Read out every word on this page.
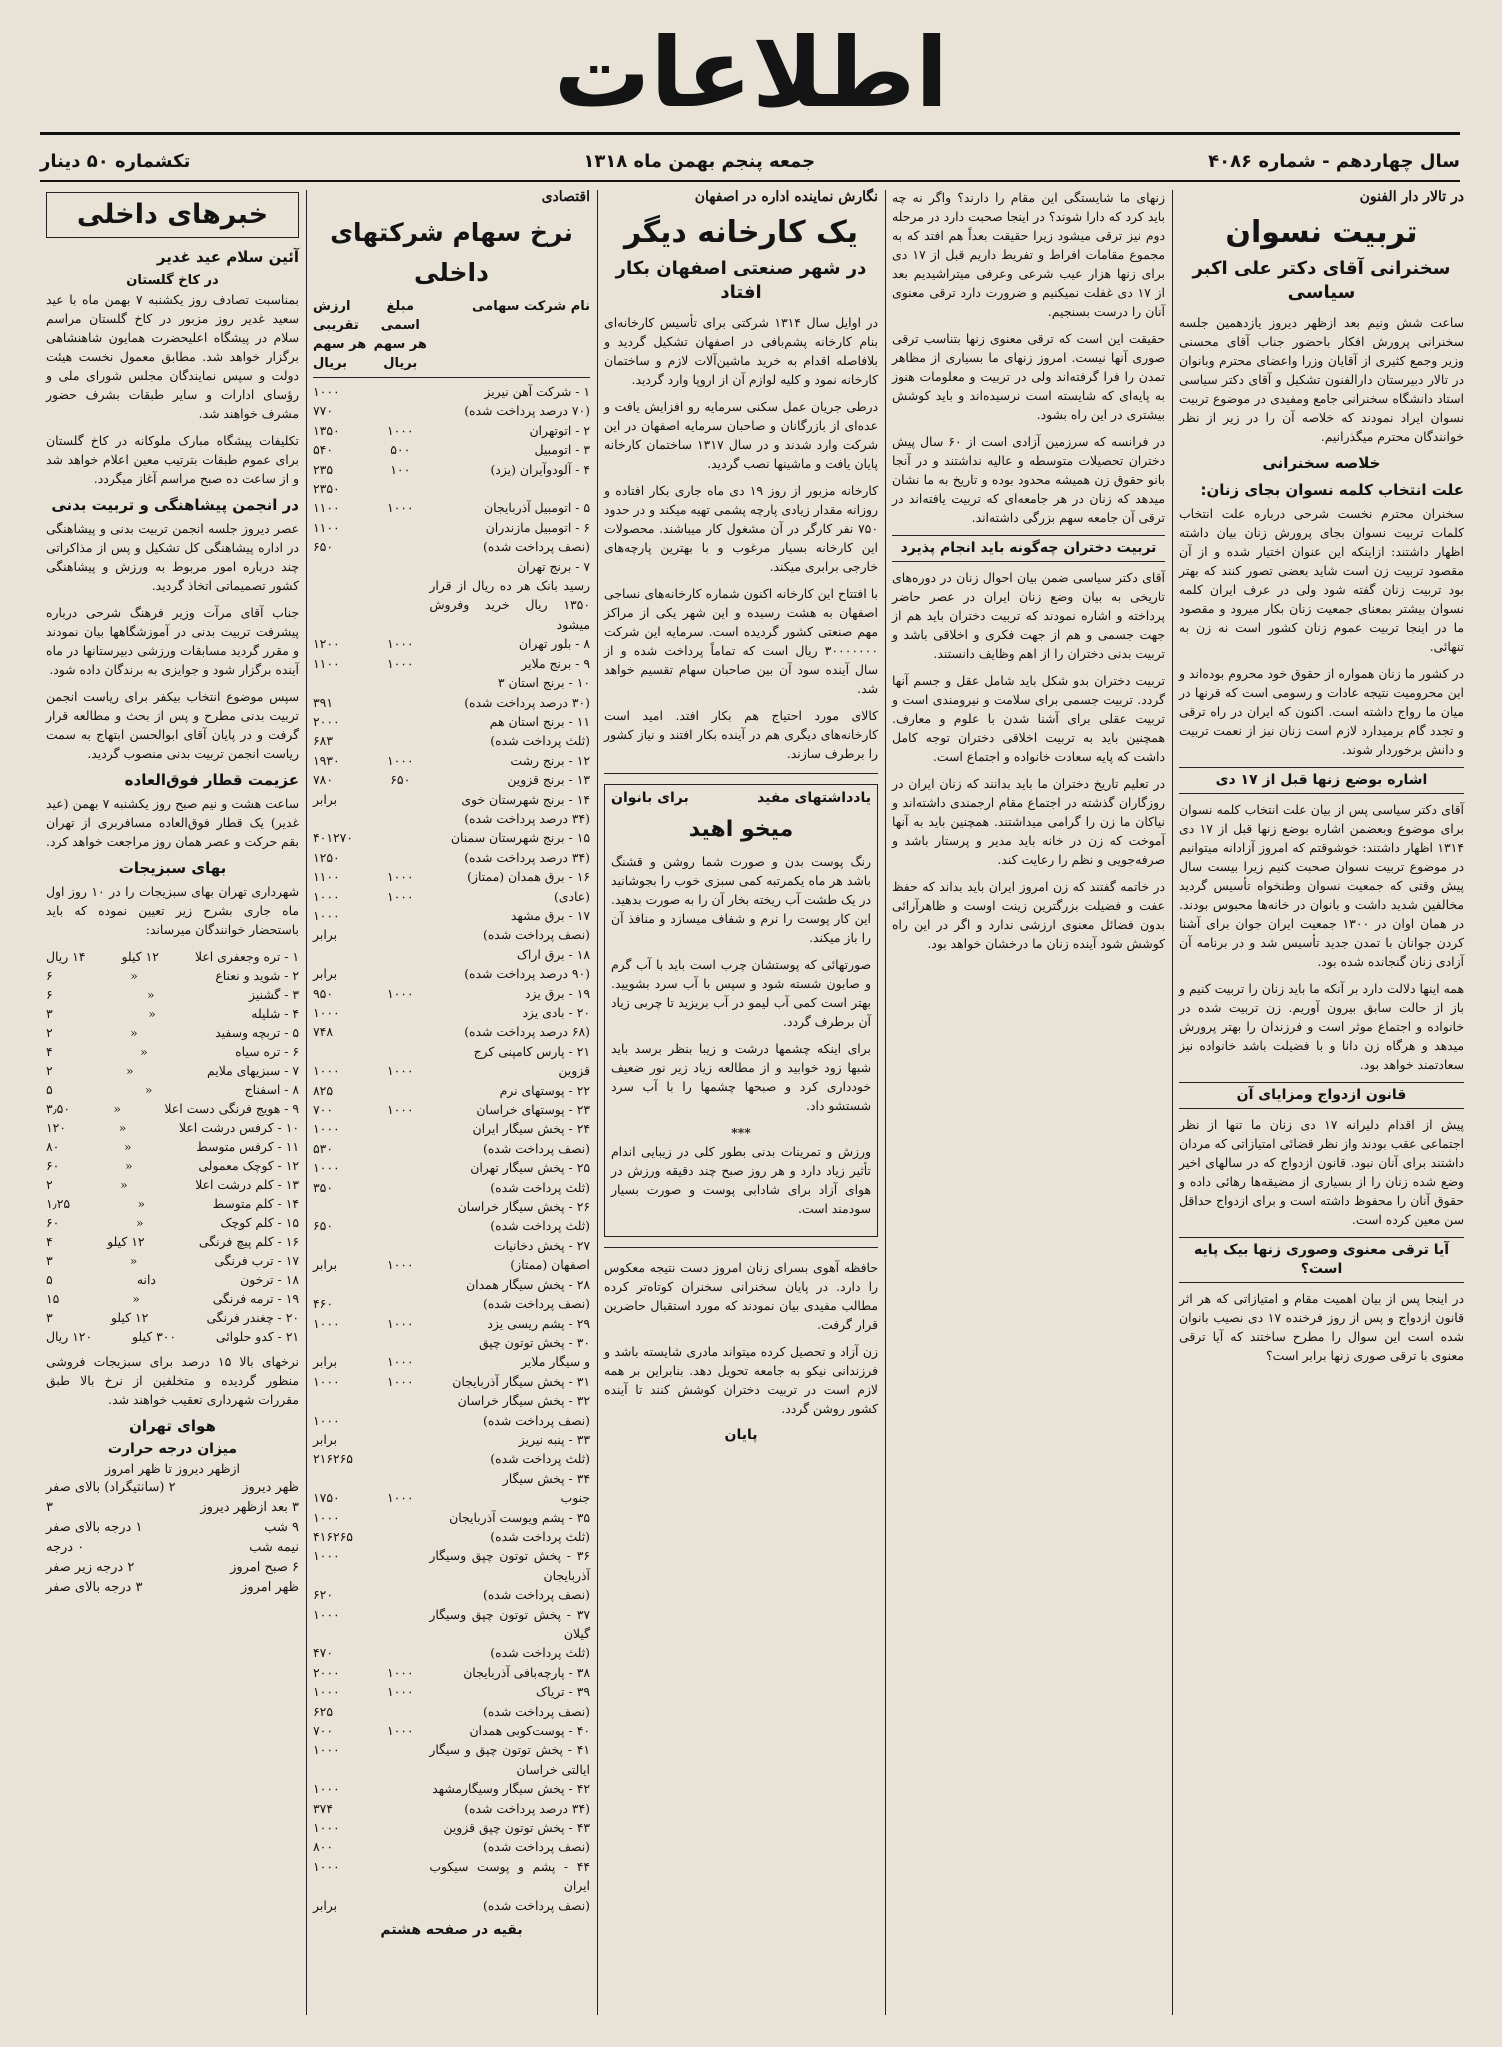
اطلاعات
سال چهاردهم - شماره ۴۰۸۶
جمعه پنجم بهمن ماه ۱۳۱۸
تکشماره ۵۰ دینار
در تالار دار الفنون
تربیت نسوان
سخنرانی آقای دکتر علی اکبر سیاسی

ساعت شش ونیم بعد ازظهر دیروز یازدهمین جلسه سخنرانی پرورش افکار باحضور جناب آقای محسنی وزیر وجمع کثیری از آقایان وزرا واعضای محترم وبانوان در تالار دبیرستان دارالفنون تشکیل و آقای دکتر سیاسی استاد دانشگاه سخنرانی جامع ومفیدی در موضوع تربیت نسوان ایراد نمودند که خلاصه آن را در زیر از نظر خوانندگان محترم میگذرانیم.

خلاصه سخنرانی
علت انتخاب کلمه نسوان بجای زنان:

سخنران محترم نخست شرحی درباره علت انتخاب کلمات تربیت نسوان بجای پرورش زنان بیان داشته اظهار داشتند: ازاینکه این عنوان اختیار شده و از آن مقصود تربیت زن است شاید بعضی تصور کنند که بهتر بود تربیت زنان گفته شود ولی در عرف ایران کلمه نسوان بیشتر بمعنای جمعیت زنان بکار میرود و مقصود ما در اینجا تربیت عموم زنان کشور است نه زن به تنهائی.

در کشور ما زنان همواره از حقوق خود محروم بوده‌اند و این محرومیت نتیجه عادات و رسومی است که قرنها در میان ما رواج داشته است. اکنون که ایران در راه ترقی و تجدد گام برمیدارد لازم است زنان نیز از نعمت تربیت و دانش برخوردار شوند.

اشاره بوضع زنها قبل از ۱۷ دی

آقای دکتر سیاسی پس از بیان علت انتخاب کلمه نسوان برای موضوع وبعضمن اشاره بوضع زنها قبل از ۱۷ دی ۱۳۱۴ اظهار داشتند: خوشوقتم که امروز آزادانه میتوانیم در موضوع تربیت نسوان صحبت کنیم زیرا بیست سال پیش وقتی که جمعیت نسوان وطنخواه تأسیس گردید مخالفین شدید داشت و بانوان در خانه‌ها محبوس بودند. در همان اوان در ۱۳۰۰ جمعیت ایران جوان برای آشنا کردن جوانان با تمدن جدید تأسیس شد و در برنامه آن آزادی زنان گنجانده شده بود.

همه اینها دلالت دارد بر آنکه ما باید زنان را تربیت کنیم و باز از حالت سابق بیرون آوریم. زن تربیت شده در خانواده و اجتماع موثر است و فرزندان را بهتر پرورش میدهد و هرگاه زن دانا و با فضیلت باشد خانواده نیز سعادتمند خواهد بود.

قانون ازدواج ومزایای آن

پیش از اقدام دلیرانه ۱۷ دی زنان ما تنها از نظر اجتماعی عقب بودند واز نظر قضائی امتیازاتی که مردان داشتند برای آنان نبود. قانون ازدواج که در سالهای اخیر وضع شده زنان را از بسیاری از مضیقه‌ها رهائی داده و حقوق آنان را محفوظ داشته است و برای ازدواج حداقل سن معین کرده است.

آیا ترقی معنوی وصوری زنها بیک پایه است؟

در اینجا پس از بیان اهمیت مقام و امتیازاتی که هر اثر قانون ازدواج و پس از روز فرخنده ۱۷ دی نصیب بانوان شده است این سوال را مطرح ساختند که آیا ترقی معنوی با ترقی صوری زنها برابر است؟

زنهای ما شایستگی این مقام را دارند؟ واگر نه چه باید کرد که دارا شوند؟ در اینجا صحبت دارد در مرحله دوم نیز ترقی میشود زیرا حقیقت بعداً هم افتد که به مجموع مقامات افراط و تفریط داریم قبل از ۱۷ دی برای زنها هزار عیب شرعی وعرفی میتراشیدیم بعد از ۱۷ دی غفلت نمیکنیم و ضرورت دارد ترقی معنوی آنان را درست بسنجیم.

حقیقت این است که ترقی معنوی زنها بتناسب ترقی صوری آنها نیست. امروز زنهای ما بسیاری از مظاهر تمدن را فرا گرفته‌اند ولی در تربیت و معلومات هنوز به پایه‌ای که شایسته است نرسیده‌اند و باید کوشش بیشتری در این راه بشود.

در فرانسه که سرزمین آزادی است از ۶۰ سال پیش دختران تحصیلات متوسطه و عالیه نداشتند و در آنجا بانو حقوق زن همیشه محدود بوده و تاریخ به ما نشان میدهد که زنان در هر جامعه‌ای که تربیت یافته‌اند در ترقی آن جامعه سهم بزرگی داشته‌اند.

تربیت دختران چه‌گونه باید انجام پذیرد

آقای دکتر سیاسی ضمن بیان احوال زنان در دوره‌های تاریخی به بیان وضع زنان ایران در عصر حاضر پرداخته و اشاره نمودند که تربیت دختران باید هم از جهت جسمی و هم از جهت فکری و اخلاقی باشد و تربیت بدنی دختران را از اهم وظایف دانستند.

تربیت دختران بدو شکل باید شامل عقل و جسم آنها گردد. تربیت جسمی برای سلامت و نیرومندی است و تربیت عقلی برای آشنا شدن با علوم و معارف. همچنین باید به تربیت اخلاقی دختران توجه کامل داشت که پایه سعادت خانواده و اجتماع است.

در تعلیم تاریخ دختران ما باید بدانند که زنان ایران در روزگاران گذشته در اجتماع مقام ارجمندی داشته‌اند و نیاکان ما زن را گرامی میداشتند. همچنین باید به آنها آموخت که زن در خانه باید مدیر و پرستار باشد و صرفه‌جویی و نظم را رعایت کند.

در خاتمه گفتند که زن امروز ایران باید بداند که حفظ عفت و فضیلت بزرگترین زینت اوست و ظاهرآرائی بدون فضائل معنوی ارزشی ندارد و اگر در این راه کوشش شود آینده زنان ما درخشان خواهد بود.

نگارش نماینده اداره در اصفهان
یک کارخانه دیگر
در شهر صنعتی اصفهان بکار افتاد

در اوایل سال ۱۳۱۴ شرکتی برای تأسیس کارخانه‌ای بنام کارخانه پشم‌بافی در اصفهان تشکیل گردید و بلافاصله اقدام به خرید ماشین‌آلات لازم و ساختمان کارخانه نمود و کلیه لوازم آن از اروپا وارد گردید.

درطی جریان عمل سکنی سرمایه رو افزایش یافت و عده‌ای از بازرگانان و صاحبان سرمایه اصفهان در این شرکت وارد شدند و در سال ۱۳۱۷ ساختمان کارخانه پایان یافت و ماشینها نصب گردید.

کارخانه مزبور از روز ۱۹ دی ماه جاری بکار افتاده و روزانه مقدار زیادی پارچه پشمی تهیه میکند و در حدود ۷۵۰ نفر کارگر در آن مشغول کار میباشند. محصولات این کارخانه بسیار مرغوب و با بهترین پارچه‌های خارجی برابری میکند.

با افتتاح این کارخانه اکنون شماره کارخانه‌های نساجی اصفهان به هشت رسیده و این شهر یکی از مراکز مهم صنعتی کشور گردیده است. سرمایه این شرکت ۳۰۰۰۰۰۰۰ ریال است که تماماً پرداخت شده و از سال آینده سود آن بین صاحبان سهام تقسیم خواهد شد.

کالای مورد احتیاج هم بکار افتد. امید است کارخانه‌های دیگری هم در آینده بکار افتند و نیاز کشور را برطرف سازند.

یادداشتهای مفید
برای بانوان
میخو اهید

رنگ پوست بدن و صورت شما روشن و قشنگ باشد هر ماه یکمرتبه کمی سبزی خوب را بجوشانید در یک طشت آب ریخته بخار آن را به صورت بدهید. این کار پوست را نرم و شفاف میسازد و منافذ آن را باز میکند.

صورتهائی که پوستشان چرب است باید با آب گرم و صابون شسته شود و سپس با آب سرد بشویید. بهتر است کمی آب لیمو در آب بریزید تا چربی زیاد آن برطرف گردد.

برای اینکه چشمها درشت و زیبا بنظر برسد باید شبها زود خوابید و از مطالعه زیاد زیر نور ضعیف خودداری کرد و صبحها چشمها را با آب سرد شستشو داد.

***

ورزش و تمرینات بدنی بطور کلی در زیبایی اندام تأثیر زیاد دارد و هر روز صبح چند دقیقه ورزش در هوای آزاد برای شادابی پوست و صورت بسیار سودمند است.

حافظه آهوی بسرای زنان امروز دست نتیجه معکوس را دارد. در پایان سخنرانی سخنران کوتاه‌تر کرده مطالب مفیدی بیان نمودند که مورد استقبال حاضرین قرار گرفت.

زن آزاد و تحصیل کرده میتواند مادری شایسته باشد و فرزندانی نیکو به جامعه تحویل دهد. بنابراین بر همه لازم است در تربیت دختران کوشش کنند تا آینده کشور روشن گردد.

پایان
اقتصادی
نرخ سهام شرکتهای داخلی
نام شرکت سهامی
مبلغ اسمی هر سهم بریال
ارزش تقریبی هر سهم بریال
۱ - شرکت آهن نیریز
۱۰۰۰
(۷۰ درصد پرداخت شده)
۷۷۰
۲ - اتوتهران
۱۰۰۰
۱۳۵۰
۳ - اتومبیل
۵۰۰
۵۴۰
۴ - آلودوآیران (یزد)
۱۰۰
۲۳۵
۲۳۵۰
۵ - اتومبیل آذربایجان
۱۰۰۰
۱۱۰۰
۶ - اتومبیل مازندران
۱۱۰۰
(نصف پرداخت شده)
۶۵۰
۷ - برنج تهران
رسید بانک هر ده ریال از قرار ۱۳۵۰ ریال خرید وفروش میشود
۸ - بلور تهران
۱۰۰۰
۱۲۰۰
۹ - برنج ملایر
۱۰۰۰
۱۱۰۰
۱۰ - برنج استان ۳
(۳۰ درصد پرداخت شده)
۳۹۱
۱۱ - برنج استان هم
۲۰۰۰
(ثلث پرداخت شده)
۶۸۳
۱۲ - برنج رشت
۱۰۰۰
۱۹۳۰
۱۳ - برنج قزوین
۶۵۰
۷۸۰
۱۴ - برنج شهرستان خوی
برابر
(۳۴ درصد پرداخت شده)
۱۵ - برنج شهرستان سمنان
۴۰۱۲۷۰
(۳۴ درصد پرداخت شده)
۱۲۵۰
۱۶ - برق همدان (ممتاز)
۱۰۰۰
۱۱۰۰
(عادی)
۱۰۰۰
۱۰۰۰
۱۷ - برق مشهد
۱۰۰۰
(نصف پرداخت شده)
برابر
۱۸ - برق اراک
(۹۰ درصد پرداخت شده)
برابر
۱۹ - برق یزد
۱۰۰۰
۹۵۰
۲۰ - بادی یزد
۱۰۰۰
(۶۸ درصد پرداخت شده)
۷۴۸
۲۱ - پارس کامپنی کرج
قزوین
۱۰۰۰
۱۰۰۰
۲۲ - پوستهای نرم
۸۲۵
۲۳ - پوستهای خراسان
۱۰۰۰
۷۰۰
۲۴ - پخش سیگار ایران
۱۰۰۰
(نصف پرداخت شده)
۵۳۰
۲۵ - پخش سیگار تهران
۱۰۰۰
(ثلث پرداخت شده)
۳۵۰
۲۶ - پخش سیگار خراسان
(ثلث پرداخت شده)
۶۵۰
۲۷ - پخش دخانیات
اصفهان (ممتاز)
۱۰۰۰
برابر
۲۸ - پخش سیگار همدان
(نصف پرداخت شده)
۴۶۰
۲۹ - پشم ریسی یزد
۱۰۰۰
۱۰۰۰
۳۰ - پخش توتون چپق
و سیگار ملایر
۱۰۰۰
برابر
۳۱ - پخش سیگار آذربایجان
۱۰۰۰
۱۰۰۰
۳۲ - پخش سیگار خراسان
(نصف پرداخت شده)
۱۰۰۰
۳۳ - پنبه نیریز
برابر
(ثلث پرداخت شده)
۲۱۶۲۶۵
۳۴ - پخش سیگار
جنوب
۱۰۰۰
۱۷۵۰
۳۵ - پشم ویوست آذربایجان
۱۰۰۰
(ثلث پرداخت شده)
۴۱۶۲۶۵
۳۶ - پخش توتون چپق وسیگار آذربایجان
۱۰۰۰
(نصف پرداخت شده)
۶۲۰
۳۷ - پخش توتون چپق وسیگار گیلان
۱۰۰۰
(ثلث پرداخت شده)
۴۷۰
۳۸ - پارچه‌بافی آذربایجان
۱۰۰۰
۲۰۰۰
۳۹ - تریاک
۱۰۰۰
۱۰۰۰
(نصف پرداخت شده)
۶۲۵
۴۰ - پوست‌کوبی همدان
۱۰۰۰
۷۰۰
۴۱ - پخش توتون چپق و سیگار ایالتی خراسان
۱۰۰۰
۴۲ - پخش سیگار وسیگارمشهد
۱۰۰۰
(۳۴ درصد پرداخت شده)
۳۷۴
۴۳ - پخش توتون چپق قزوین
۱۰۰۰
(نصف پرداخت شده)
۸۰۰
۴۴ - پشم و پوست سیکوب ایران
۱۰۰۰
(نصف پرداخت شده)
برابر
بقیه در صفحه هشتم
خبرهای داخلی
آئین سلام عید غدیر
در کاخ گلستان

بمناسبت تصادف روز یکشنبه ۷ بهمن ماه با عید سعید غدیر روز مزبور در کاخ گلستان مراسم سلام در پیشگاه اعلیحضرت همایون شاهنشاهی برگزار خواهد شد. مطابق معمول نخست هیئت دولت و سپس نمایندگان مجلس شورای ملی و رؤسای ادارات و سایر طبقات بشرف حضور مشرف خواهند شد.

تکلیفات پیشگاه مبارک ملوکانه در کاخ گلستان برای عموم طبقات بترتیب معین اعلام خواهد شد و از ساعت ده صبح مراسم آغاز میگردد.

در انجمن پیشاهنگی و تربیت بدنی

عصر دیروز جلسه انجمن تربیت بدنی و پیشاهنگی در اداره پیشاهنگی کل تشکیل و پس از مذاکراتی چند درباره امور مربوط به ورزش و پیشاهنگی کشور تصمیماتی اتخاذ گردید.

جناب آقای مرآت وزیر فرهنگ شرحی درباره پیشرفت تربیت بدنی در آموزشگاهها بیان نمودند و مقرر گردید مسابقات ورزشی دبیرستانها در ماه آینده برگزار شود و جوایزی به برندگان داده شود.

سپس موضوع انتخاب بیکفر برای ریاست انجمن تربیت بدنی مطرح و پس از بحث و مطالعه قرار گرفت و در پایان آقای ابوالحسن ابتهاج به سمت ریاست انجمن تربیت بدنی منصوب گردید.

عزیمت قطار فوق‌العاده

ساعت هشت و نیم صبح روز یکشنبه ۷ بهمن (عید غدیر) یک قطار فوق‌العاده مسافربری از تهران بقم حرکت و عصر همان روز مراجعت خواهد کرد.

بهای سبزیجات

شهرداری تهران بهای سبزیجات را در ۱۰ روز اول ماه جاری بشرح زیر تعیین نموده که باید باستحضار خوانندگان میرساند:

۱ - تره وجعفری اعلا
۱۲ کیلو
۱۴ ریال
۲ - شوید و نعناع
«
۶
۳ - گشنیز
«
۶
۴ - شلیله
«
۳
۵ - تربچه وسفید
«
۲
۶ - تره سیاه
«
۴
۷ - سبزیهای ملایم
«
۲
۸ - اسفناج
«
۵
۹ - هویج فرنگی دست اعلا
«
۳٫۵۰
۱۰ - کرفس درشت اعلا
«
۱۲۰
۱۱ - کرفس متوسط
«
۸۰
۱۲ - کوچک معمولی
«
۶۰
۱۳ - کلم درشت اعلا
«
۲
۱۴ - کلم متوسط
«
۱٫۲۵
۱۵ - کلم کوچک
«
۶۰
۱۶ - کلم پیچ فرنگی
۱۲ کیلو
۴
۱۷ - ترب فرنگی
«
۳
۱۸ - ترخون
دانه
۵
۱۹ - ترمه فرنگی
«
۱۵
۲۰ - چغندر فرنگی
۱۲ کیلو
۳
۲۱ - کدو حلوائی
۳۰۰ کیلو
۱۲۰ ریال

نرخهای بالا ۱۵ درصد برای سبزیجات فروشی منظور گردیده و متخلفین از نرخ بالا طبق مقررات شهرداری تعقیب خواهند شد.

هوای تهران
میزان درجه حرارت
ازظهر دیروز تا ظهر امروز
ظهر دیروز
۲ (سانتیگراد) بالای صفر
۳ بعد ازظهر دیروز
۳
۹ شب
۱ درجه بالای صفر
نیمه شب
۰ درجه
۶ صبح امروز
۲ درجه زیر صفر
ظهر امروز
۳ درجه بالای صفر
